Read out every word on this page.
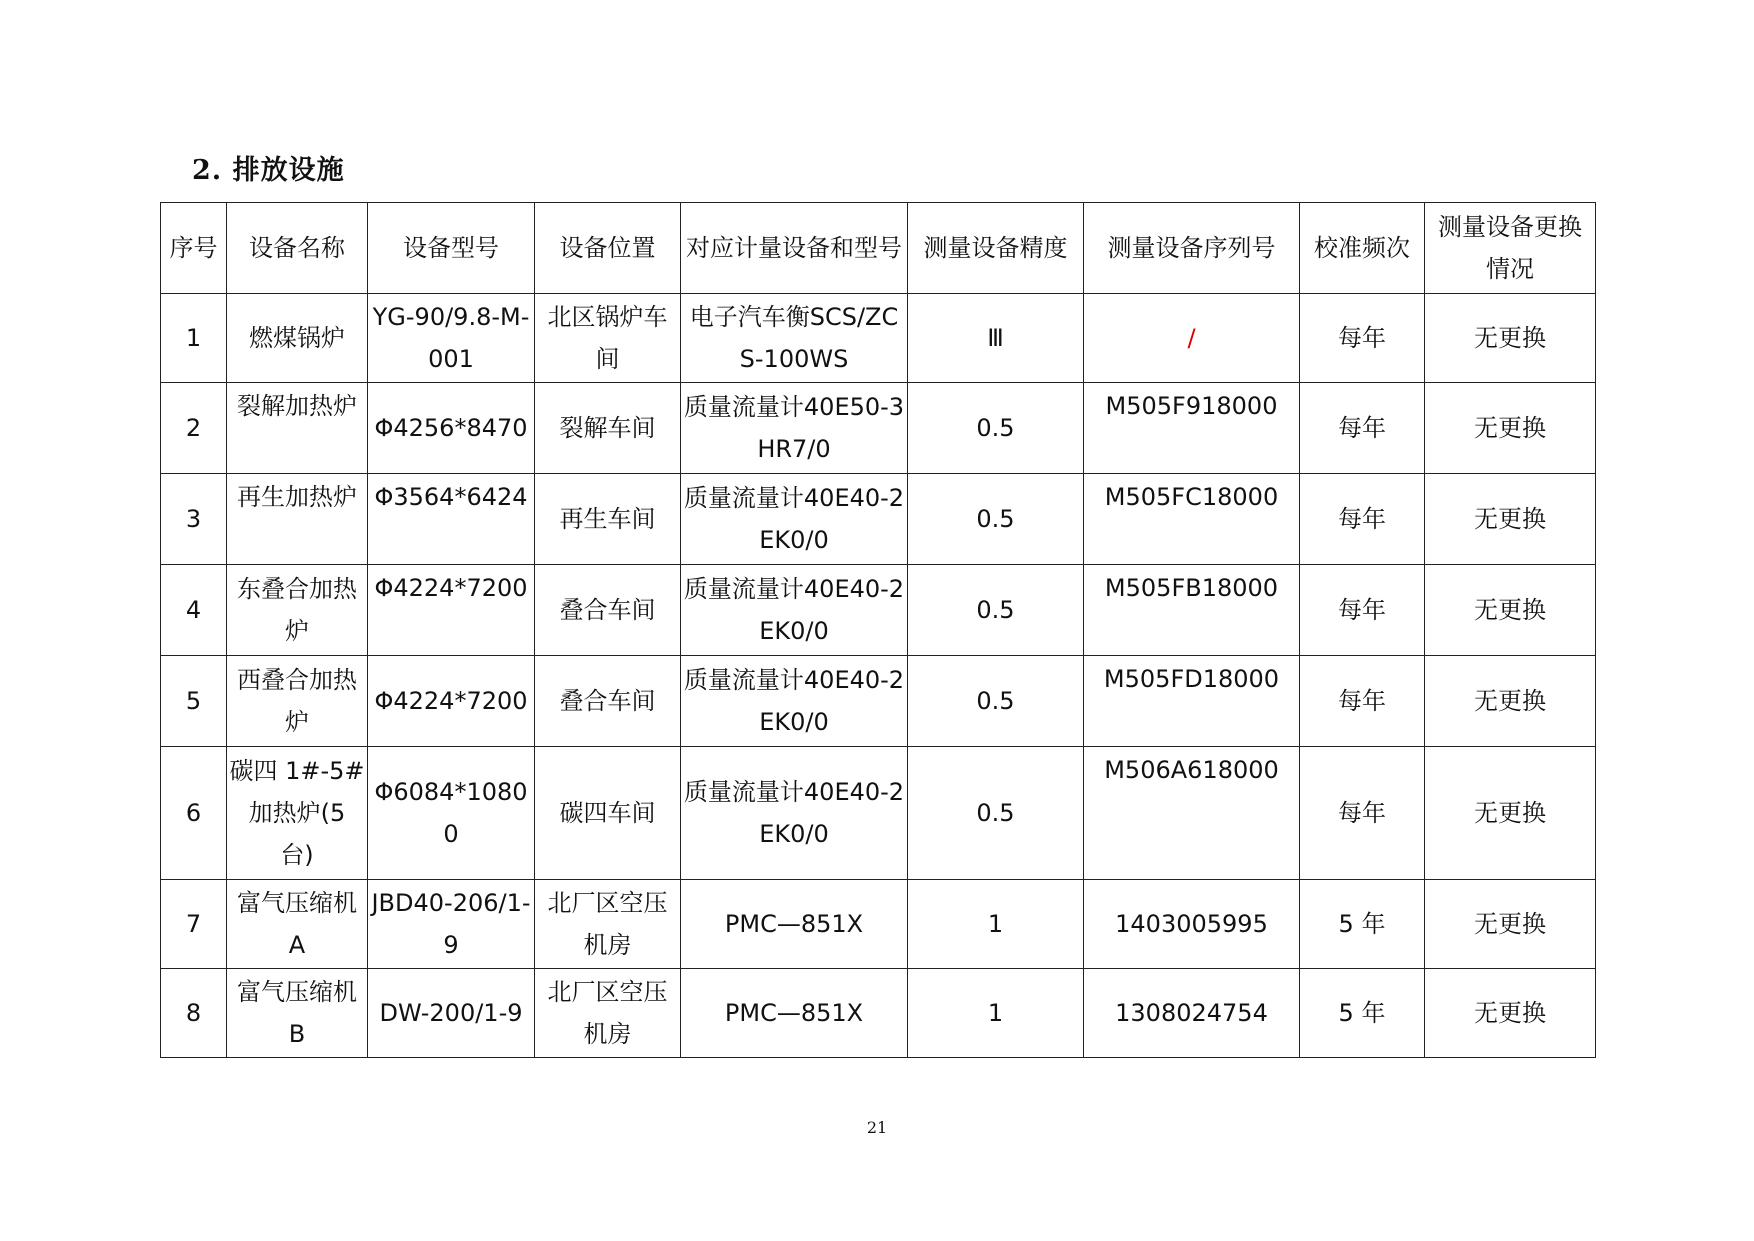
2. 排放设施
序号	设备名称	设备型号	设备位置	对应计量设备和型号	测量设备精度	测量设备序列号	校准频次	测量设备更换情况
1	燃煤锅炉	YG-90/9.8-M-001	北区锅炉车间	电子汽车衡SCS/ZCS-100WS	Ⅲ	/	每年	无更换
2	裂解加热炉	Φ4256*8470	裂解车间	质量流量计40E50-3HR7/0	0.5	M505F918000	每年	无更换
3	再生加热炉	Φ3564*6424	再生车间	质量流量计40E40-2EK0/0	0.5	M505FC18000	每年	无更换
4	东叠合加热炉	Φ4224*7200	叠合车间	质量流量计40E40-2EK0/0	0.5	M505FB18000	每年	无更换
5	西叠合加热炉	Φ4224*7200	叠合车间	质量流量计40E40-2EK0/0	0.5	M505FD18000	每年	无更换
6	碳四 1#-5#加热炉(5 台)	Φ6084*10800	碳四车间	质量流量计40E40-2EK0/0	0.5	M506A618000	每年	无更换
7	富气压缩机A	JBD40-206/1-9	北厂区空压机房	PMC—851X	1	1403005995	5 年	无更换
8	富气压缩机B	DW-200/1-9	北厂区空压机房	PMC—851X	1	1308024754	5 年	无更换
21
